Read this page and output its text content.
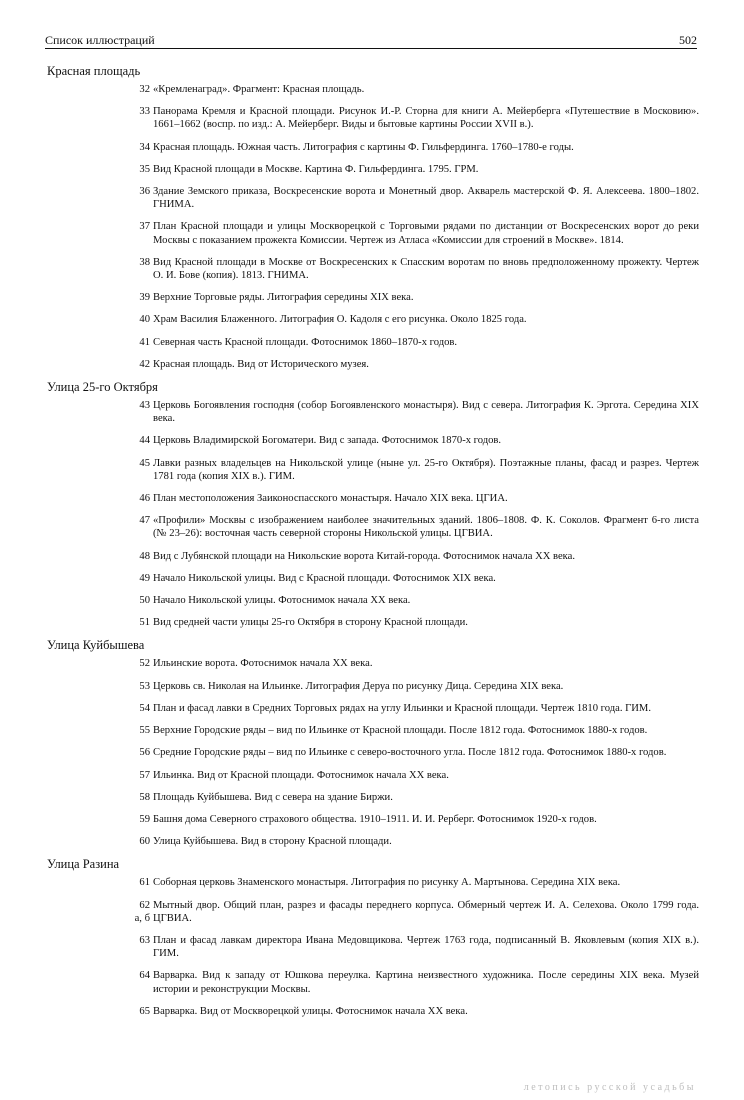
Список иллюстраций	502
Красная площадь
32 «Кремленаград». Фрагмент: Красная площадь.
33 Панорама Кремля и Красной площади. Рисунок И.-Р. Сторна для книги А. Мейерберга «Путешествие в Московию». 1661–1662 (воспр. по изд.: А. Мейерберг. Виды и бытовые картины России XVII в.).
34 Красная площадь. Южная часть. Литография с картины Ф. Гильфердинга. 1760–1780-е годы.
35 Вид Красной площади в Москве. Картина Ф. Гильфердинга. 1795. ГРМ.
36 Здание Земского приказа, Воскресенские ворота и Монетный двор. Акварель мастерской Ф. Я. Алексеева. 1800–1802. ГНИМА.
37 План Красной площади и улицы Москворецкой с Торговыми рядами по дистанции от Воскресенских ворот до реки Москвы с показанием прожекта Комиссии. Чертеж из Атласа «Комиссии для строений в Москве». 1814.
38 Вид Красной площади в Москве от Воскресенских к Спасским воротам по вновь предположенному прожекту. Чертеж О. И. Бове (копия). 1813. ГНИМА.
39 Верхние Торговые ряды. Литография середины XIX века.
40 Храм Василия Блаженного. Литография О. Кадоля с его рисунка. Около 1825 года.
41 Северная часть Красной площади. Фотоснимок 1860–1870-х годов.
42 Красная площадь. Вид от Исторического музея.
Улица 25-го Октября
43 Церковь Богоявления господня (собор Богоявленского монастыря). Вид с севера. Литография К. Эргота. Середина XIX века.
44 Церковь Владимирской Богоматери. Вид с запада. Фотоснимок 1870-х годов.
45 Лавки разных владельцев на Никольской улице (ныне ул. 25-го Октября). Поэтажные планы, фасад и разрез. Чертеж 1781 года (копия XIX в.). ГИМ.
46 План местоположения Заиконоспасского монастыря. Начало XIX века. ЦГИА.
47 «Профили» Москвы с изображением наиболее значительных зданий. 1806–1808. Ф. К. Соколов. Фрагмент 6-го листа (№ 23–26): восточная часть северной стороны Никольской улицы. ЦГВИА.
48 Вид с Лубянской площади на Никольские ворота Китай-города. Фотоснимок начала XX века.
49 Начало Никольской улицы. Вид с Красной площади. Фотоснимок XIX века.
50 Начало Никольской улицы. Фотоснимок начала XX века.
51 Вид средней части улицы 25-го Октября в сторону Красной площади.
Улица Куйбышева
52 Ильинские ворота. Фотоснимок начала XX века.
53 Церковь св. Николая на Ильинке. Литография Деруа по рисунку Дица. Середина XIX века.
54 План и фасад лавки в Средних Торговых рядах на углу Ильинки и Красной площади. Чертеж 1810 года. ГИМ.
55 Верхние Городские ряды – вид по Ильинке от Красной площади. После 1812 года. Фотоснимок 1880-х годов.
56 Средние Городские ряды – вид по Ильинке с северо-восточного угла. После 1812 года. Фотоснимок 1880-х годов.
57 Ильинка. Вид от Красной площади. Фотоснимок начала XX века.
58 Площадь Куйбышева. Вид с севера на здание Биржи.
59 Башня дома Северного страхового общества. 1910–1911. И. И. Рерберг. Фотоснимок 1920-х годов.
60 Улица Куйбышева. Вид в сторону Красной площади.
Улица Разина
61 Соборная церковь Знаменского монастыря. Литография по рисунку А. Мартынова. Середина XIX века.
62
а, б
Мытный двор. Общий план, разрез и фасады переднего корпуса. Обмерный чертеж И. А. Селехова. Около 1799 года. ЦГВИА.
63 План и фасад лавкам директора Ивана Медовщикова. Чертеж 1763 года, подписанный В. Яковлевым (копия XIX в.). ГИМ.
64 Варварка. Вид к западу от Юшкова переулка. Картина неизвестного художника. После середины XIX века. Музей истории и реконструкции Москвы.
65 Варварка. Вид от Москворецкой улицы. Фотоснимок начала XX века.
летопись русской усадьбы
